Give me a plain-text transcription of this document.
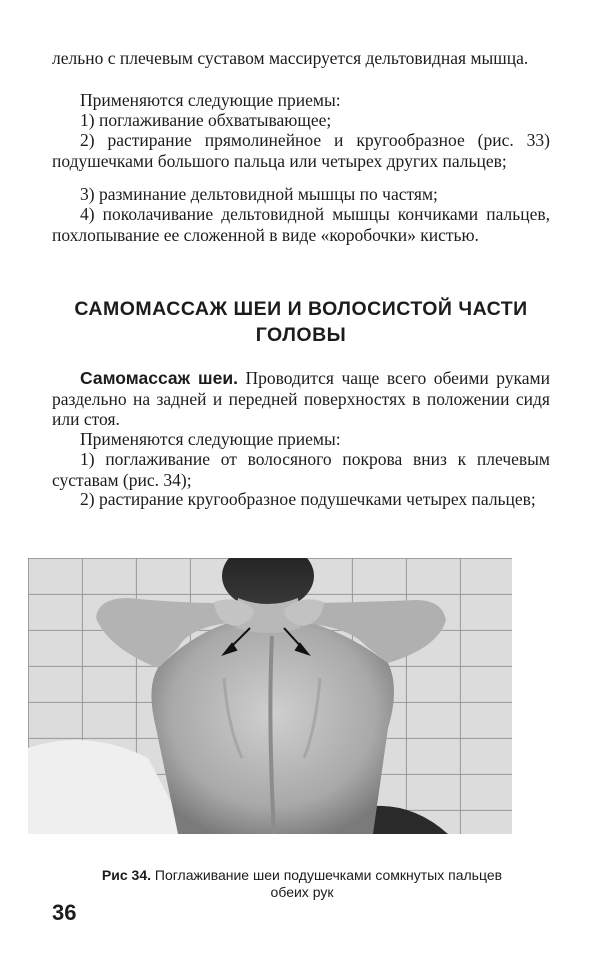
лельно с плечевым суставом массируется дельтовидная мышца.

Применяются следующие приемы:

1) поглаживание обхватывающее;

2) растирание прямолинейное и кругообразное (рис. 33) подушечками большого пальца или четырех других пальцев;

3) разминание дельтовидной мышцы по частям;

4) поколачивание дельтовидной мышцы кончиками пальцев, похлопывание ее сложенной в виде «коробочки» кистью.

САМОМАССАЖ ШЕИ И ВОЛОСИСТОЙ ЧАСТИ
ГОЛОВЫ

Самомассаж шеи. Проводится чаще всего обеими руками раздельно на задней и передней поверхностях в положении сидя или стоя.

Применяются следующие приемы:

1) поглаживание от волосяного покрова вниз к плечевым суставам (рис. 34);

2) растирание кругообразное подушечками четырех пальцев;

Рис 34. Поглаживание шеи подушечками сомкнутых пальцев обеих рук

36
